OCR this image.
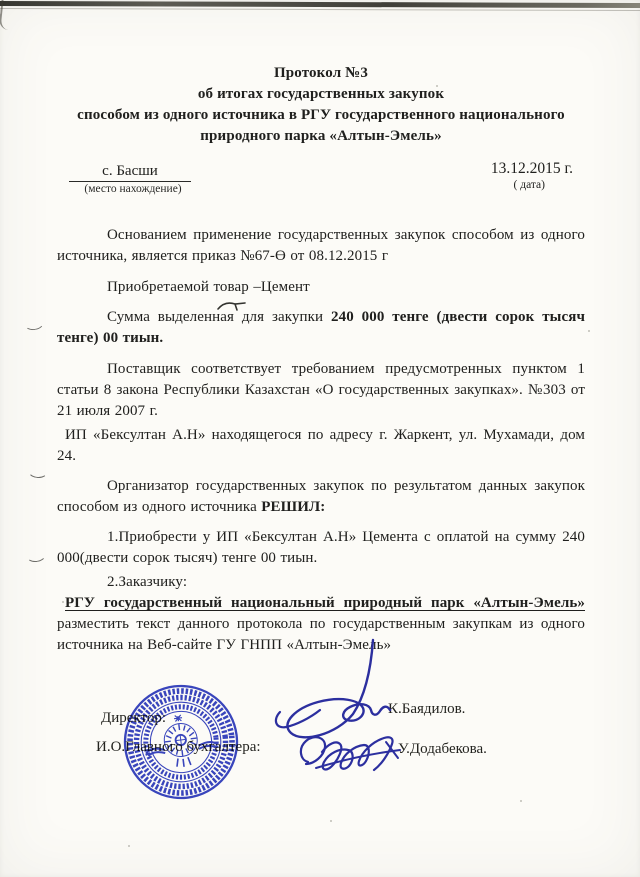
Протокол №3
об итогах государственных закупок
способом из одного источника в РГУ государственного национального
природного парка «Алтын-Эмель»
с. Басши
(место нахождение)
13.12.2015 г.
( дата)

Основанием применение государственных закупок способом из одного источника, является приказ №67-Ө от 08.12.2015 г

Приобретаемой товар –Цемент

Сумма выделенная для закупки 240 000 тенге (двести сорок тысяч тенге) 00 тиын.

Поставщик соответствует требованием предусмотренных пунктом 1 статьи 8 закона Республики Казахстан «О государственных закупках». №303 от 21 июля 2007 г.

ИП «Бексултан А.Н» находящегося по адресу г. Жаркент, ул. Мухамади, дом 24.

Организатор государственных закупок по результатом данных закупок способом из одного источника РЕШИЛ:

1.Приобрести у ИП «Бексултан А.Н» Цемента с оплатой на сумму 240 000(двести сорок тысяч) тенге 00 тиын.

2.Заказчику:

РГУ государственный национальный природный парк «Алтын-Эмель» разместить текст данного протокола по государственным закупкам из одного источника на Веб-сайте ГУ ГНПП «Алтын-Эмель»

Директор:
К.Баядилов.
И.О.Главного бухгалтера:	У.Додабекова.
